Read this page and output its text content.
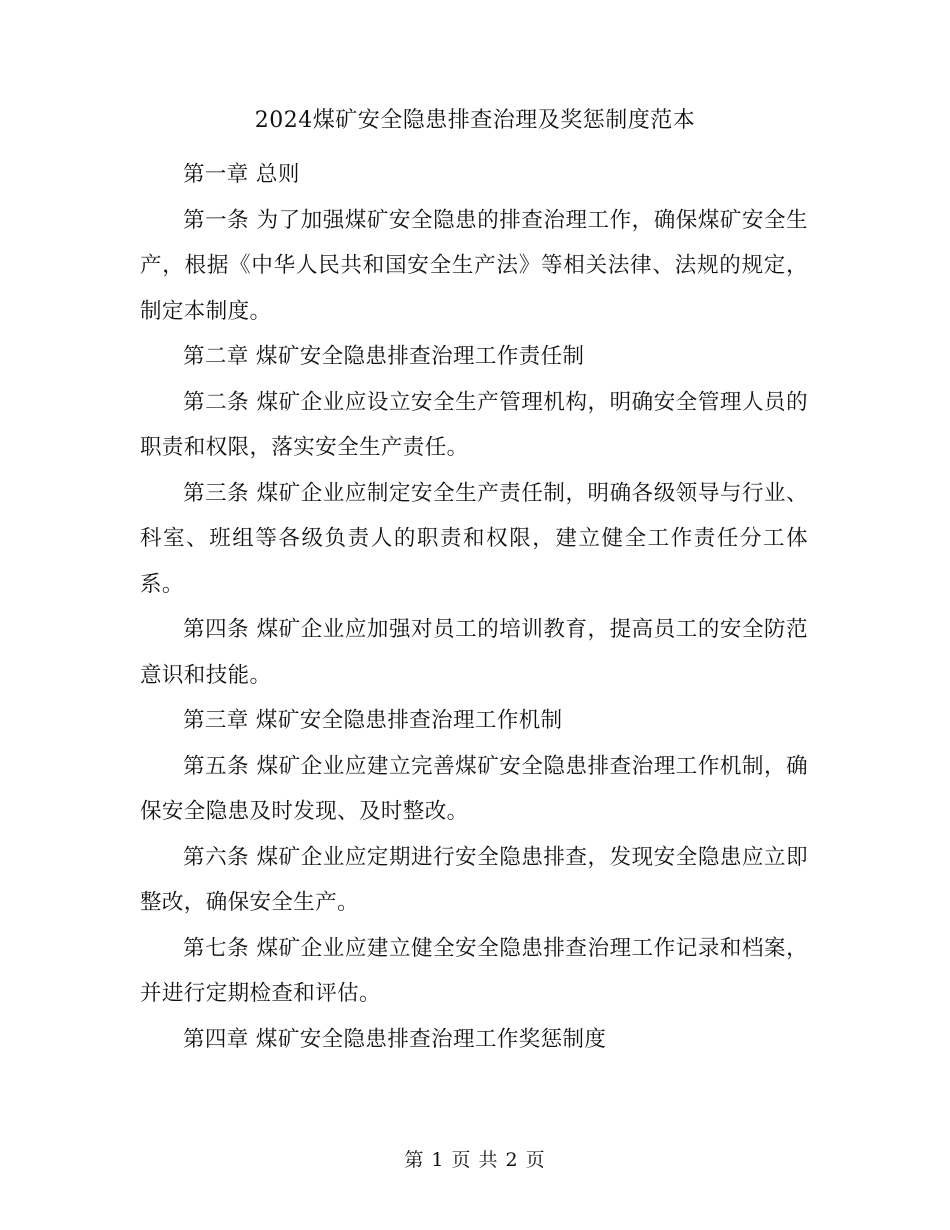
2024煤矿安全隐患排查治理及奖惩制度范本

第一章 总则

第一条 为了加强煤矿安全隐患的排查治理工作，确保煤矿安全生产，根据《中华人民共和国安全生产法》等相关法律、法规的规定，制定本制度。

第二章 煤矿安全隐患排查治理工作责任制

第二条 煤矿企业应设立安全生产管理机构，明确安全管理人员的职责和权限，落实安全生产责任。

第三条 煤矿企业应制定安全生产责任制，明确各级领导与行业、科室、班组等各级负责人的职责和权限，建立健全工作责任分工体系。

第四条 煤矿企业应加强对员工的培训教育，提高员工的安全防范意识和技能。

第三章 煤矿安全隐患排查治理工作机制

第五条 煤矿企业应建立完善煤矿安全隐患排查治理工作机制，确保安全隐患及时发现、及时整改。

第六条 煤矿企业应定期进行安全隐患排查，发现安全隐患应立即整改，确保安全生产。

第七条 煤矿企业应建立健全安全隐患排查治理工作记录和档案，并进行定期检查和评估。

第四章 煤矿安全隐患排查治理工作奖惩制度

第 1 页 共 2 页
